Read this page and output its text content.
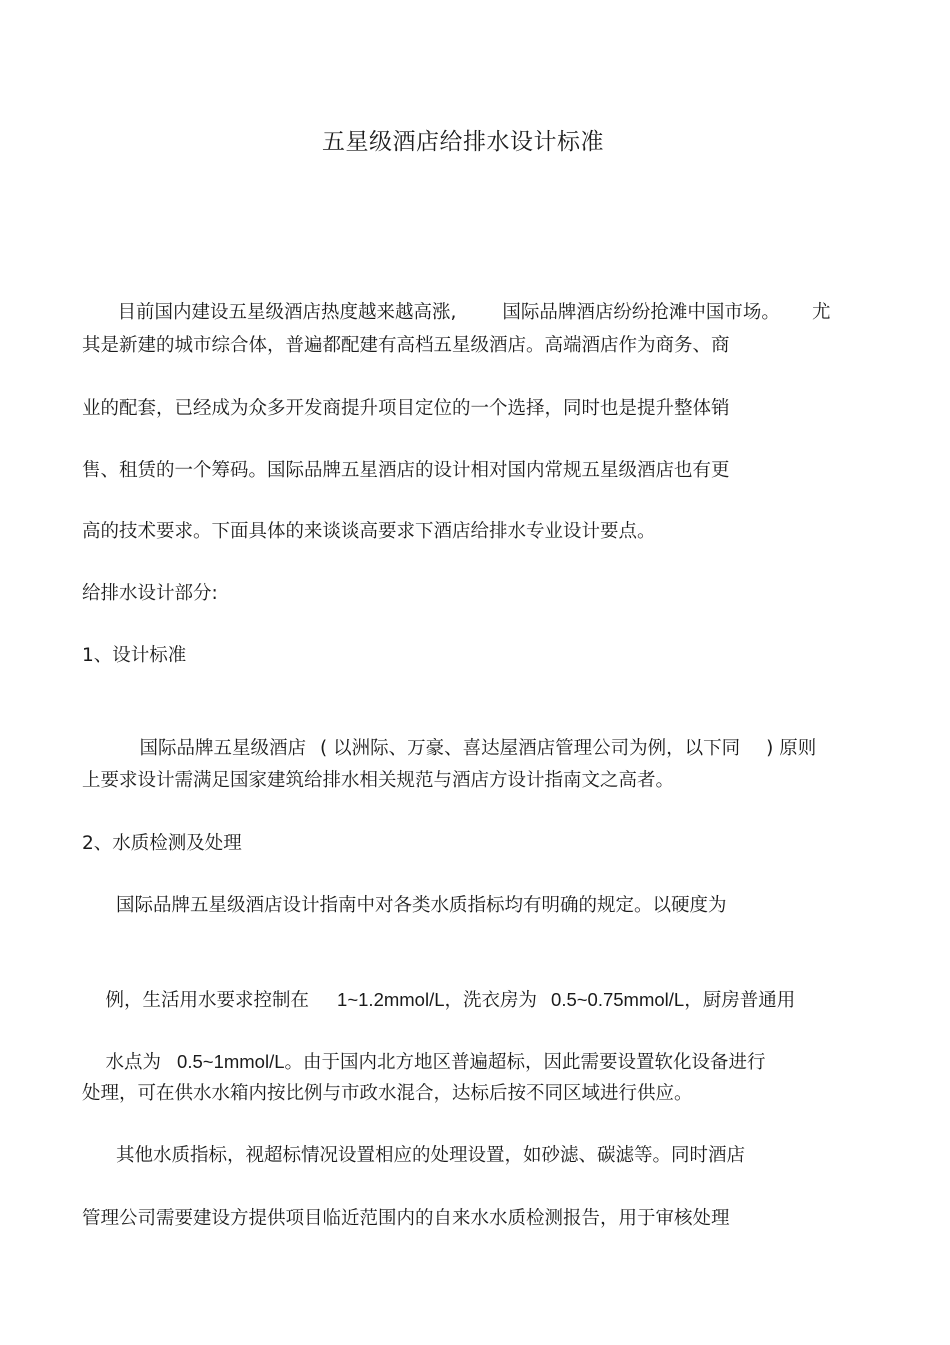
五星级酒店给排水设计标准

目前国内建设五星级酒店热度越来越高涨, 国际品牌酒店纷纷抢滩中国市场。 尤

其是新建的城市综合体，普遍都配建有高档五星级酒店。高端酒店作为商务、商
业的配套，已经成为众多开发商提升项目定位的一个选择，同时也是提升整体销
售、租赁的一个筹码。国际品牌五星酒店的设计相对国内常规五星级酒店也有更
高的技术要求。下面具体的来谈谈高要求下酒店给排水专业设计要点。
给排水设计部分:
1、设计标准

国际品牌五星级酒店 ( 以洲际、万豪、喜达屋酒店管理公司为例，以下同 ) 原则

上要求设计需满足国家建筑给排水相关规范与酒店方设计指南文之高者。
2、水质检测及处理
国际品牌五星级酒店设计指南中对各类水质指标均有明确的规定。以硬度为

例，生活用水要求控制在 1~1.2mmol/L，洗衣房为 0.5~0.75mmol/L，厨房普通用

水点为 0.5~1mmol/L。由于国内北方地区普遍超标，因此需要设置软化设备进行

处理，可在供水水箱内按比例与市政水混合，达标后按不同区域进行供应。
其他水质指标，视超标情况设置相应的处理设置，如砂滤、碳滤等。同时酒店
管理公司需要建设方提供项目临近范围内的自来水水质检测报告，用于审核处理
